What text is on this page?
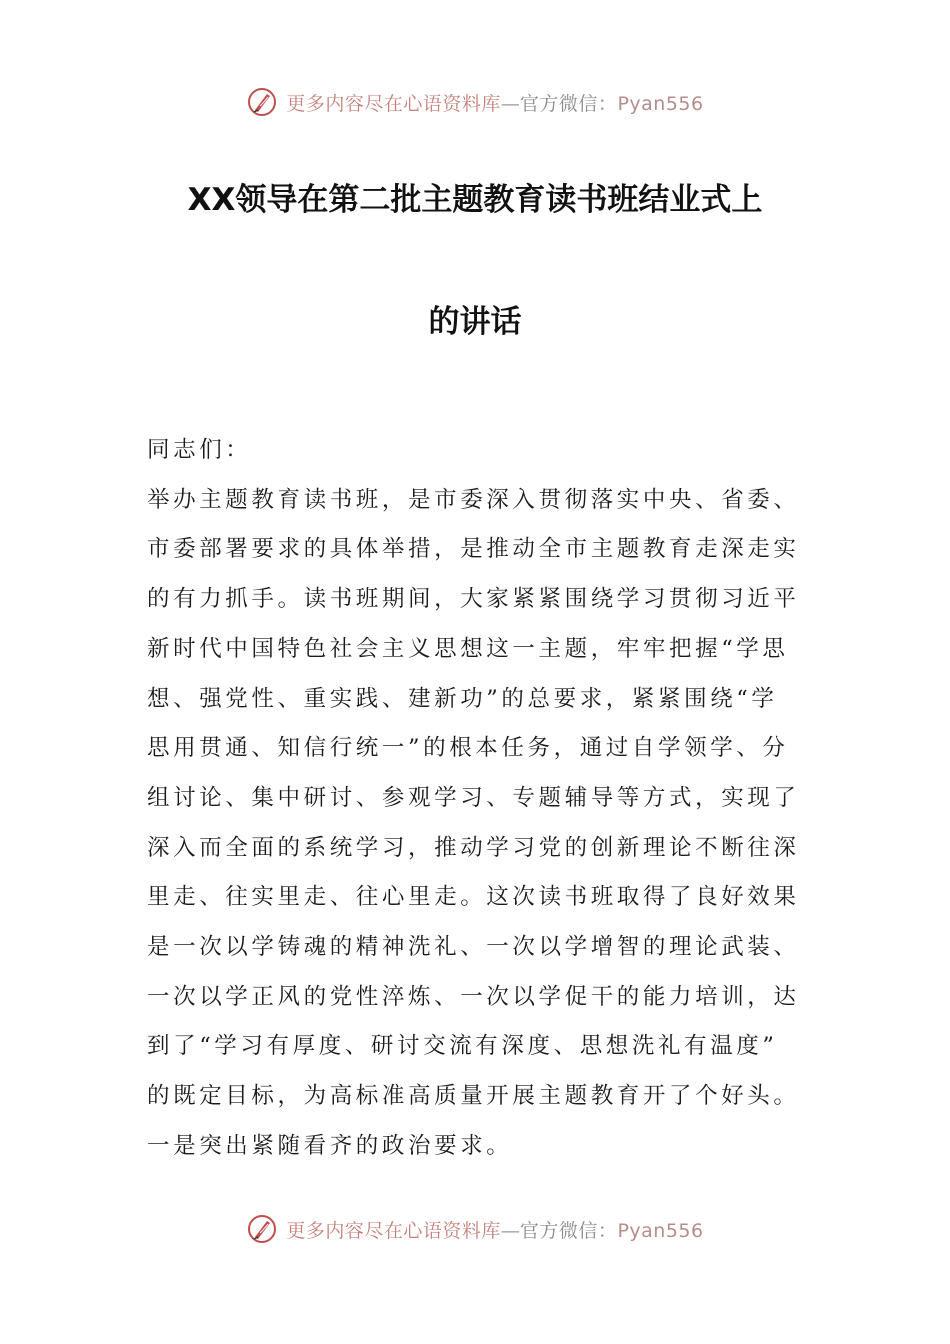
更多内容尽在心语资料库—官方微信：Pyan556
XX领导在第二批主题教育读书班结业式上
的讲话

同志们：

举办主题教育读书班，是市委深入贯彻落实中央、省委、

市委部署要求的具体举措，是推动全市主题教育走深走实

的有力抓手。读书班期间，大家紧紧围绕学习贯彻习近平

新时代中国特色社会主义思想这一主题，牢牢把握“学思

想、强党性、重实践、建新功”的总要求，紧紧围绕“学

思用贯通、知信行统一”的根本任务，通过自学领学、分

组讨论、集中研讨、参观学习、专题辅导等方式，实现了

深入而全面的系统学习，推动学习党的创新理论不断往深

里走、往实里走、往心里走。这次读书班取得了良好效果

是一次以学铸魂的精神洗礼、一次以学增智的理论武装、

一次以学正风的党性淬炼、一次以学促干的能力培训，达

到了“学习有厚度、研讨交流有深度、思想洗礼有温度”

的既定目标，为高标准高质量开展主题教育开了个好头。

一是突出紧随看齐的政治要求。

更多内容尽在心语资料库—官方微信：Pyan556
